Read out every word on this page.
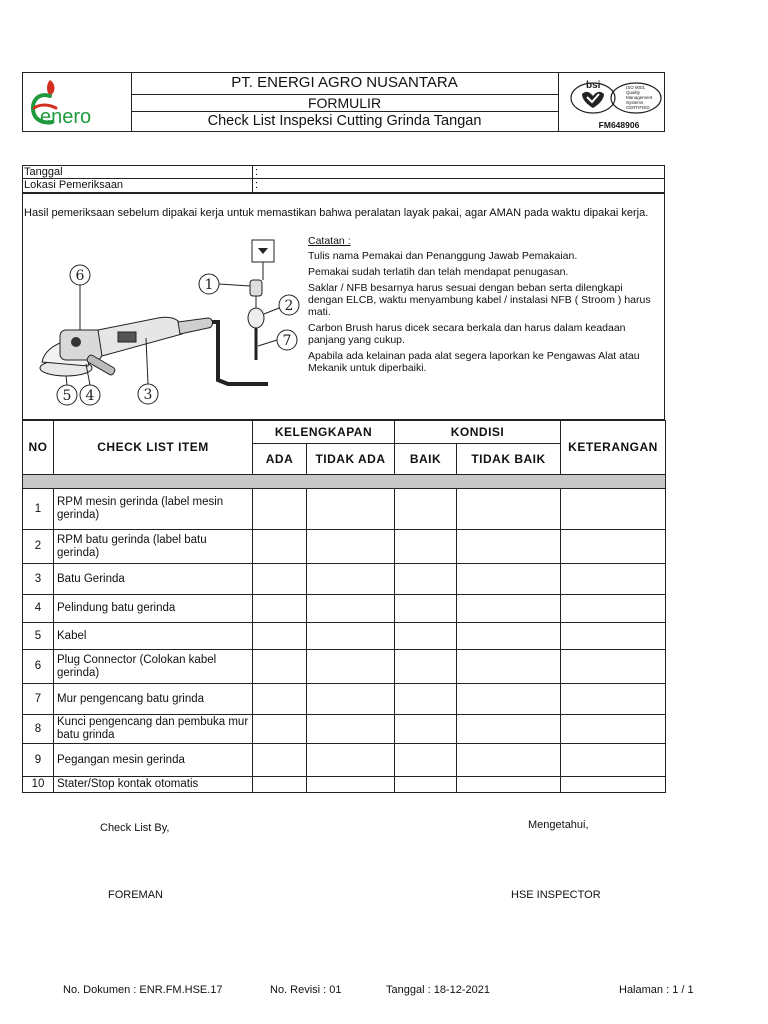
enero
PT. ENERGI AGRO NUSANTARA
FORMULIR
Check List Inspeksi Cutting Grinda Tangan
bsi	ISO 9001
Quality
Management
Systems
CERTIFIED
FM648906
Tanggal	:
Lokasi Pemeriksaan	:
Hasil pemeriksaan sebelum dipakai kerja untuk memastikan bahwa peralatan layak pakai, agar AMAN pada waktu dipakai kerja.
6
1
2
7
3
5 4
Catatan :
Tulis nama Pemakai dan Penanggung Jawab Pemakaian.
Pemakai sudah terlatih dan telah mendapat penugasan.
Saklar / NFB besarnya harus sesuai dengan beban serta dilengkapi dengan ELCB, waktu menyambung kabel / instalasi NFB ( Stroom ) harus mati.
Carbon Brush harus dicek secara berkala dan harus dalam keadaan panjang yang cukup.
Apabila ada kelainan pada alat segera laporkan ke Pengawas Alat atau Mekanik untuk diperbaiki.
NO	CHECK LIST ITEM	KELENGKAPAN		KONDISI		KETERANGAN
		ADA	TIDAK ADA	BAIK	TIDAK BAIK	

1	RPM mesin gerinda (label mesin gerinda)					
2	RPM batu gerinda (label batu gerinda)					
3	Batu Gerinda					
4	Pelindung batu gerinda					
5	Kabel					
6	Plug Connector (Colokan kabel gerinda)					
7	Mur pengencang batu grinda					
8	Kunci pengencang dan pembuka mur batu grinda					
9	Pegangan mesin gerinda					
10	Stater/Stop kontak otomatis					
Check List By,	Mengetahui,
FOREMAN	HSE INSPECTOR
No. Dokumen : ENR.FM.HSE.17	No. Revisi : 01	Tanggal : 18-12-2021	Halaman : 1 / 1
